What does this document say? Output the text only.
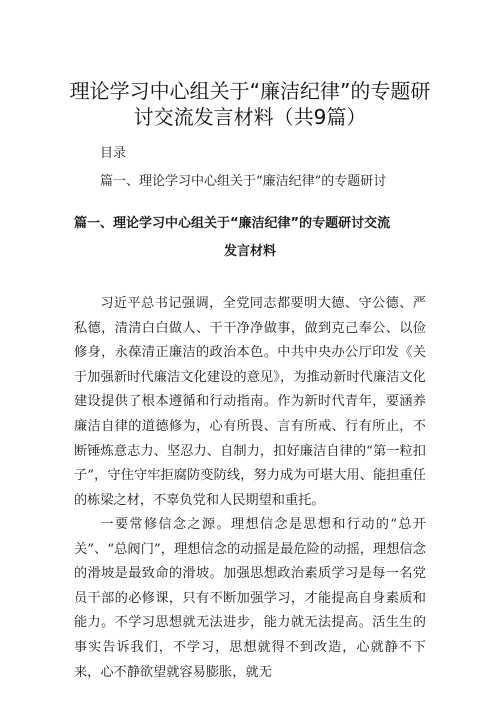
理论学习中心组关于“廉洁纪律”的专题研
讨交流发言材料（共9篇）
目录
篇一、理论学习中心组关于“廉洁纪律”的专题研讨
篇一、理论学习中心组关于“廉洁纪律”的专题研讨交流
发言材料

习近平总书记强调，全党同志都要明大德、守公德、严私德，清清白白做人、干干净净做事，做到克己奉公、以俭修身，永葆清正廉洁的政治本色。中共中央办公厅印发《关于加强新时代廉洁文化建设的意见》，为推动新时代廉洁文化建设提供了根本遵循和行动指南。作为新时代青年，要涵养廉洁自律的道德修为，心有所畏、言有所戒、行有所止，不断锤炼意志力、坚忍力、自制力，扣好廉洁自律的“第一粒扣子”，守住守牢拒腐防变防线，努力成为可堪大用、能担重任的栋梁之材，不辜负党和人民期望和重托。

一要常修信念之源。理想信念是思想和行动的“总开关”、“总阀门”，理想信念的动摇是最危险的动摇，理想信念的滑坡是最致命的滑坡。加强思想政治素质学习是每一名党员干部的必修课，只有不断加强学习，才能提高自身素质和能力。不学习思想就无法进步，能力就无法提高。活生生的事实告诉我们，不学习，思想就得不到改造，心就静不下来，心不静欲望就容易膨胀，就无
